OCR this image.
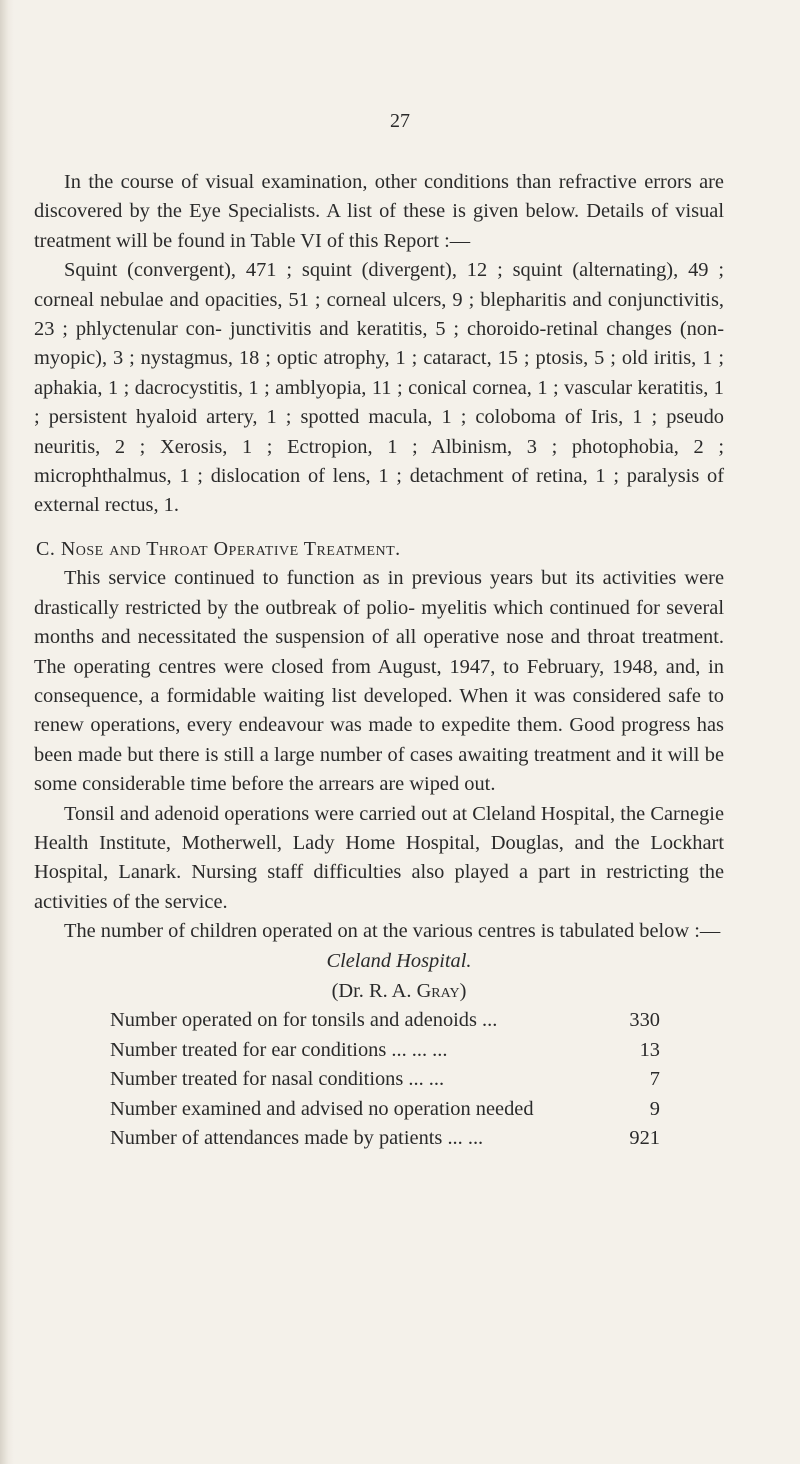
27

In the course of visual examination, other conditions than refractive errors are discovered by the Eye Specialists. A list of these is given below. Details of visual treatment will be found in Table VI of this Report :—

Squint (convergent), 471 ; squint (divergent), 12 ; squint (alternating), 49 ; corneal nebulae and opacities, 51 ; corneal ulcers, 9 ; blepharitis and conjunctivitis, 23 ; phlyctenular con- junctivitis and keratitis, 5 ; choroido-retinal changes (non- myopic), 3 ; nystagmus, 18 ; optic atrophy, 1 ; cataract, 15 ; ptosis, 5 ; old iritis, 1 ; aphakia, 1 ; dacrocystitis, 1 ; amblyopia, 11 ; conical cornea, 1 ; vascular keratitis, 1 ; persistent hyaloid artery, 1 ; spotted macula, 1 ; coloboma of Iris, 1 ; pseudo neuritis, 2 ; Xerosis, 1 ; Ectropion, 1 ; Albinism, 3 ; photophobia, 2 ; microphthalmus, 1 ; dislocation of lens, 1 ; detachment of retina, 1 ; paralysis of external rectus, 1.

C. Nose and Throat Operative Treatment.

This service continued to function as in previous years but its activities were drastically restricted by the outbreak of polio- myelitis which continued for several months and necessitated the suspension of all operative nose and throat treatment. The operating centres were closed from August, 1947, to February, 1948, and, in consequence, a formidable waiting list developed. When it was considered safe to renew operations, every endeavour was made to expedite them. Good progress has been made but there is still a large number of cases awaiting treatment and it will be some considerable time before the arrears are wiped out.

Tonsil and adenoid operations were carried out at Cleland Hospital, the Carnegie Health Institute, Motherwell, Lady Home Hospital, Douglas, and the Lockhart Hospital, Lanark. Nursing staff difficulties also played a part in restricting the activities of the service.

The number of children operated on at the various centres is tabulated below :—

Cleland Hospital.
(Dr. R. A. Gray)
Number operated on for tonsils and adenoids ...	330
Number treated for ear conditions ... ... ...	13
Number treated for nasal conditions ... ...	7
Number examined and advised no operation needed	9
Number of attendances made by patients ... ...	921
